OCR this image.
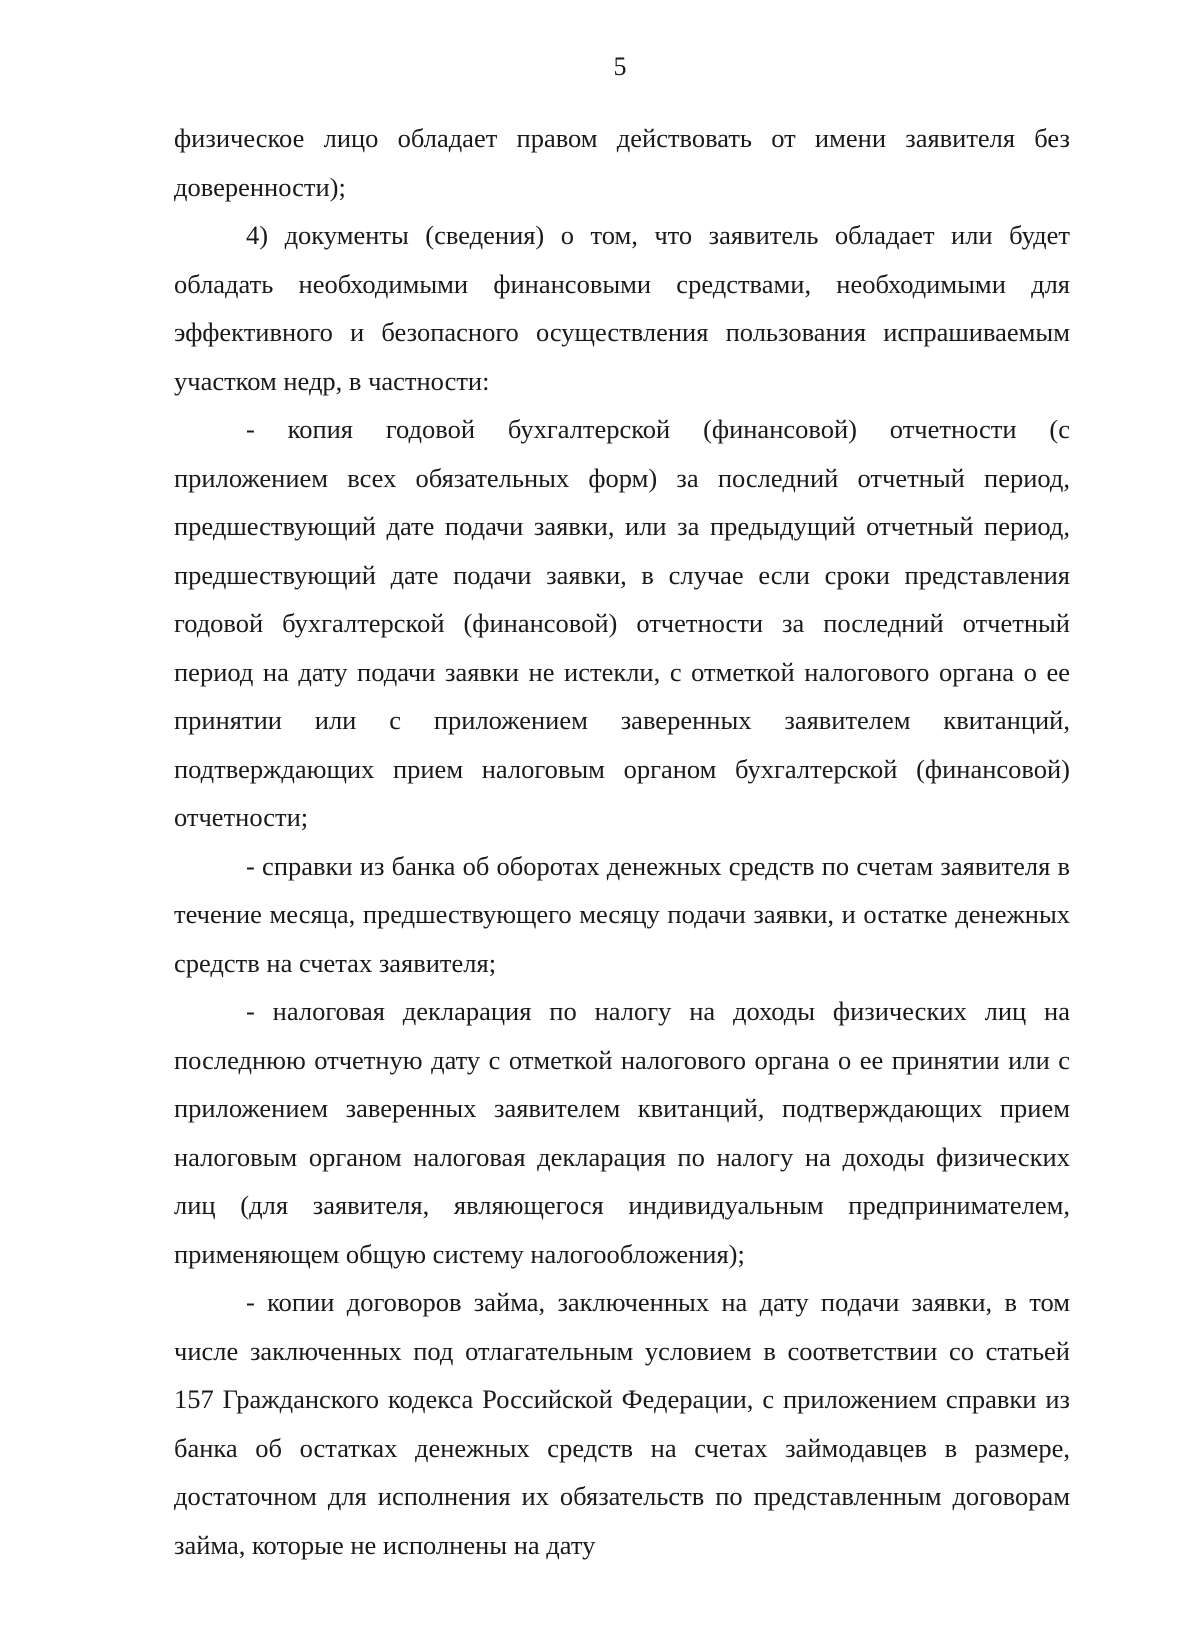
5

физическое лицо обладает правом действовать от имени заявителя без доверенности);

4) документы (сведения) о том, что заявитель обладает или будет обладать необходимыми финансовыми средствами, необходимыми для эффективного и безопасного осуществления пользования испрашиваемым участком недр, в частности:

- копия годовой бухгалтерской (финансовой) отчетности (с приложением всех обязательных форм) за последний отчетный период, предшествующий дате подачи заявки, или за предыдущий отчетный период, предшествующий дате подачи заявки, в случае если сроки представления годовой бухгалтерской (финансовой) отчетности за последний отчетный период на дату подачи заявки не истекли, с отметкой налогового органа о ее принятии или с приложением заверенных заявителем квитанций, подтверждающих прием налоговым органом бухгалтерской (финансовой) отчетности;

- справки из банка об оборотах денежных средств по счетам заявителя в течение месяца, предшествующего месяцу подачи заявки, и остатке денежных средств на счетах заявителя;

- налоговая декларация по налогу на доходы физических лиц на последнюю отчетную дату с отметкой налогового органа о ее принятии или с приложением заверенных заявителем квитанций, подтверждающих прием налоговым органом налоговая декларация по налогу на доходы физических лиц (для заявителя, являющегося индивидуальным предпринимателем, применяющем общую систему налогообложения);

- копии договоров займа, заключенных на дату подачи заявки, в том числе заключенных под отлагательным условием в соответствии со статьей 157 Гражданского кодекса Российской Федерации, с приложением справки из банка об остатках денежных средств на счетах займодавцев в размере, достаточном для исполнения их обязательств по представленным договорам займа, которые не исполнены на дату
